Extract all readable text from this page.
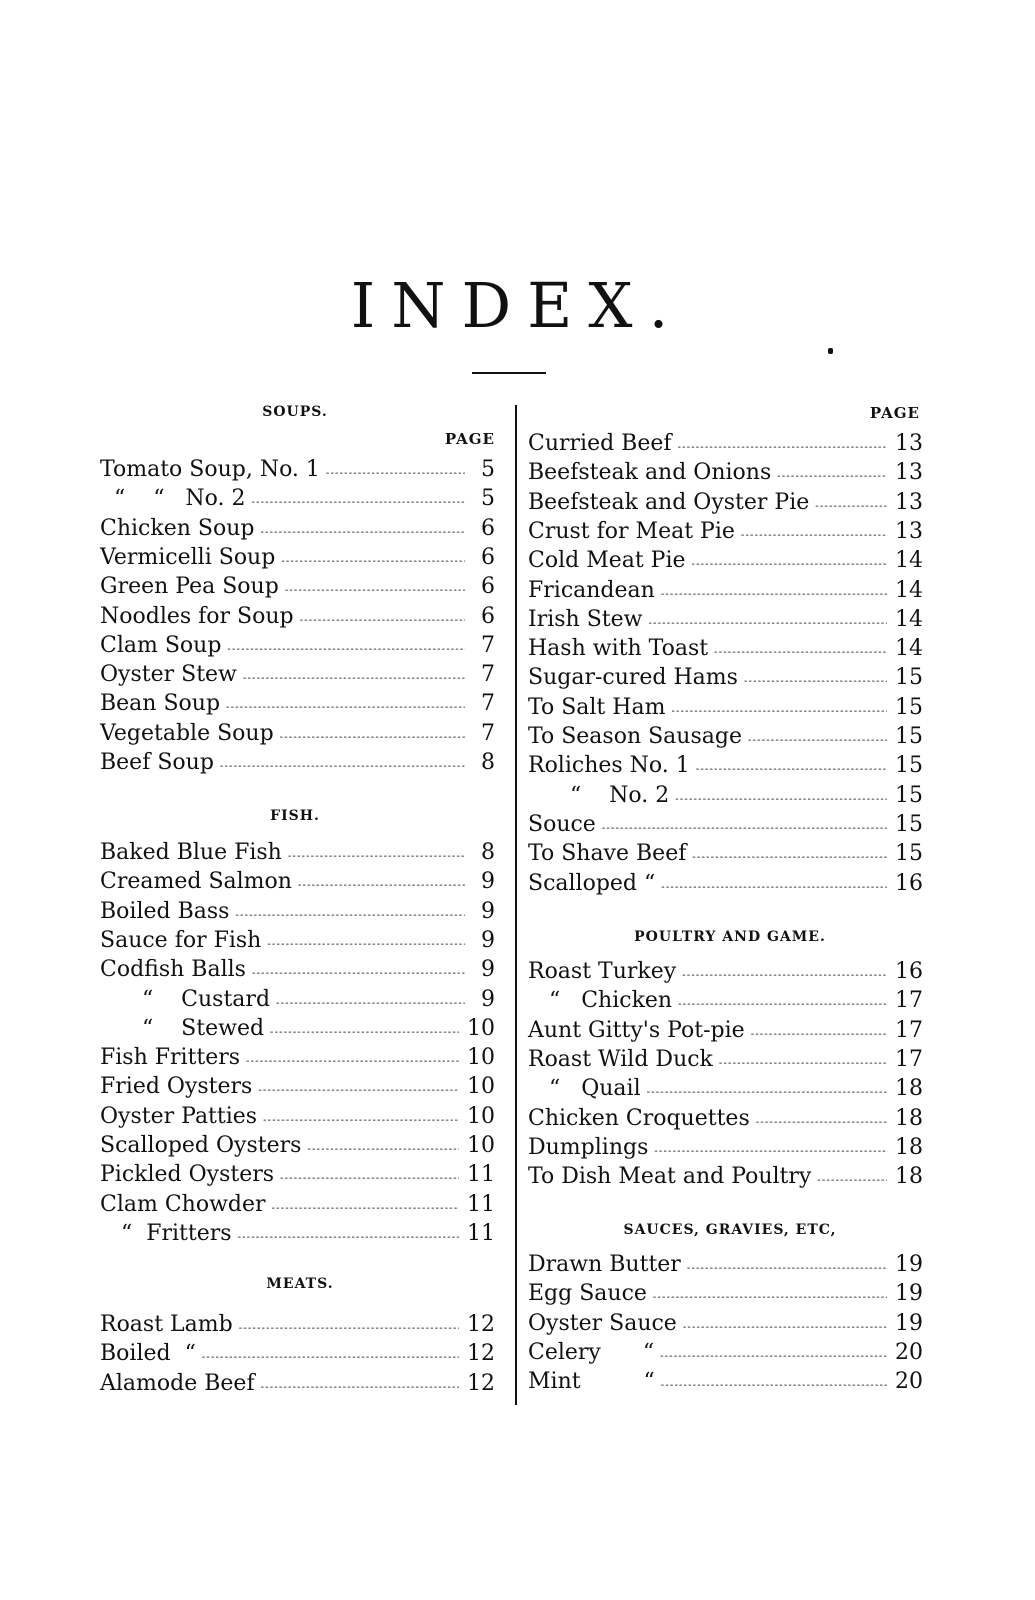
INDEX.
PAGE
SOUPS.
Tomato Soup, No. 1 - - -	5
“    “   No. 2 - - -	5
Chicken Soup - - -	6
Vermicelli Soup - - -	6
Green Pea Soup - - -	6
Noodles for Soup - - -	6
Clam Soup - - -	7
Oyster Stew - - -	7
Bean Soup - - -	7
Vegetable Soup - - -	7
Beef Soup - - -	8
FISH.
Baked Blue Fish - - -	8
Creamed Salmon - - -	9
Boiled Bass - - -	9
Sauce for Fish - - -	9
Codfish Balls - - -	9
“    Custard - - -	9
“    Stewed - - -	10
Fish Fritters - - -	10
Fried Oysters - - -	10
Oyster Patties - - -	10
Scalloped Oysters - - -	10
Pickled Oysters - - -	11
Clam Chowder - - -	11
“  Fritters - - -	11
MEATS.
Roast Lamb - - -	12
Boiled  “ - - -	12
Alamode Beef - - -	12
PAGE
Curried Beef - - -	13
Beefsteak and Onions - - -	13
Beefsteak and Oyster Pie - - -	13
Crust for Meat Pie - - -	13
Cold Meat Pie - - -	14
Fricandean - - -	14
Irish Stew - - -	14
Hash with Toast - - -	14
Sugar-cured Hams - - -	15
To Salt Ham - - -	15
To Season Sausage - - -	15
Roliches No. 1 - - -	15
“    No. 2 - - -	15
Souce - - -	15
To Shave Beef - - -	15
Scalloped “ - - -	16
POULTRY AND GAME.
Roast Turkey - - -	16
“   Chicken - - -	17
Aunt Gitty's Pot-pie - - -	17
Roast Wild Duck - - -	17
“   Quail - - -	18
Chicken Croquettes - - -	18
Dumplings - - -	18
To Dish Meat and Poultry - - -	18
SAUCES, GRAVIES, ETC,
Drawn Butter - - -	19
Egg Sauce - - -	19
Oyster Sauce - - -	19
Celery      “ - - -	20
Mint         “ - - -	20
